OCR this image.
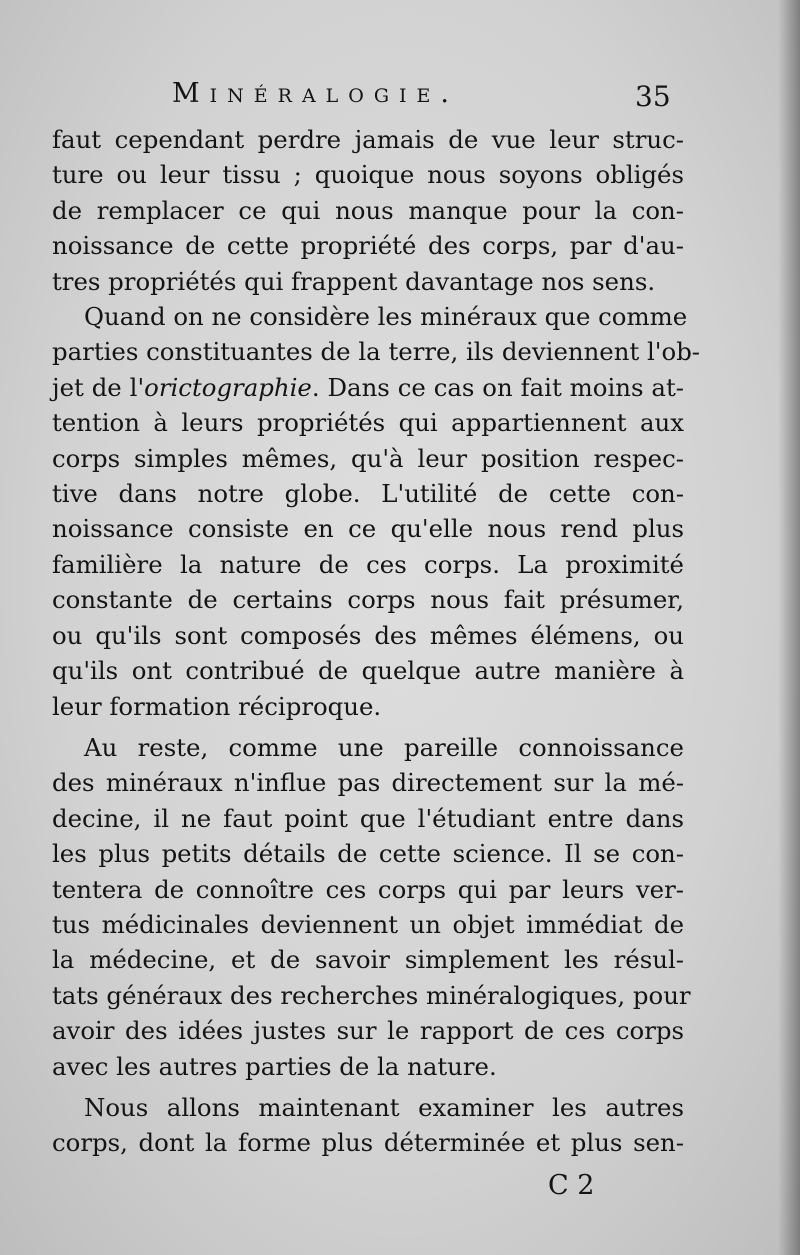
Minéralogie.	35
faut cependant perdre jamais de vue leur struc-
ture ou leur tissu ; quoique nous soyons obligés
de remplacer ce qui nous manque pour la con-
noissance de cette propriété des corps, par d'au-
tres propriétés qui frappent davantage nos sens.
Quand on ne considère les minéraux que comme
parties constituantes de la terre, ils deviennent l'ob-
jet de l'orictographie. Dans ce cas on fait moins at-
tention à leurs propriétés qui appartiennent aux
corps simples mêmes, qu'à leur position respec-
tive dans notre globe. L'utilité de cette con-
noissance consiste en ce qu'elle nous rend plus
familière la nature de ces corps. La proximité
constante de certains corps nous fait présumer,
ou qu'ils sont composés des mêmes élémens, ou
qu'ils ont contribué de quelque autre manière à
leur formation réciproque.
Au reste, comme une pareille connoissance
des minéraux n'influe pas directement sur la mé-
decine, il ne faut point que l'étudiant entre dans
les plus petits détails de cette science. Il se con-
tentera de connoître ces corps qui par leurs ver-
tus médicinales deviennent un objet immédiat de
la médecine, et de savoir simplement les résul-
tats généraux des recherches minéralogiques, pour
avoir des idées justes sur le rapport de ces corps
avec les autres parties de la nature.
Nous allons maintenant examiner les autres
corps, dont la forme plus déterminée et plus sen-
C 2
